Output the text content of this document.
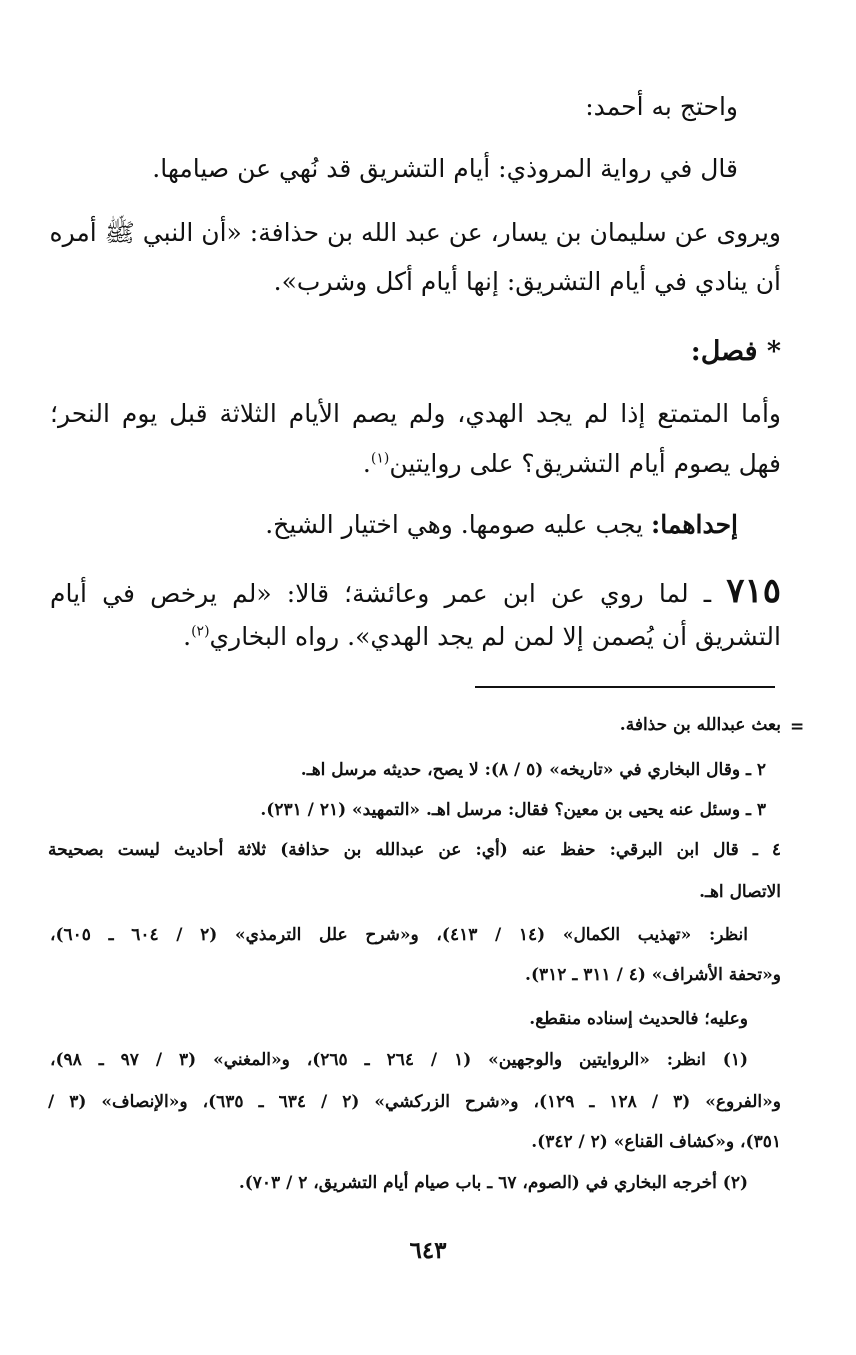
واحتج به أحمد:
قال في رواية المروذي: أيام التشريق قد نُهي عن صيامها.
ويروى عن سليمان بن يسار، عن عبد الله بن حذافة: «أن النبي ﷺ أمره
أن ينادي في أيام التشريق: إنها أيام أكل وشرب».
* فصل:
وأما المتمتع إذا لم يجد الهدي، ولم يصم الأيام الثلاثة قبل يوم النحر؛
فهل يصوم أيام التشريق؟ على روايتين$^{(١)}$.
إحداهما: يجب عليه صومها. وهي اختيار الشيخ.
٧١٥ ـ لما روي عن ابن عمر وعائشة؛ قالا: «لم يرخص في أيام
التشريق أن يُصمن إلا لمن لم يجد الهدي». رواه البخاري$^{(٢)}$.
=
بعث عبدالله بن حذافة.
٢ ـ وقال البخاري في «تاريخه» (٥ / ٨): لا يصح، حديثه مرسل اهـ.
٣ ـ وسئل عنه يحيى بن معين؟ فقال: مرسل اهـ. «التمهيد» (٢١ / ٢٣١).
٤ ـ قال ابن البرقي: حفظ عنه (أي: عن عبدالله بن حذافة) ثلاثة أحاديث ليست بصحيحة
الاتصال اهـ.
انظر: «تهذيب الكمال» (١٤ / ٤١٣)، و«شرح علل الترمذي» (٢ / ٦٠٤ ـ ٦٠٥)،
و«تحفة الأشراف» (٤ / ٣١١ ـ ٣١٢).
وعليه؛ فالحديث إسناده منقطع.
(١) انظر: «الروايتين والوجهين» (١ / ٢٦٤ ـ ٢٦٥)، و«المغني» (٣ / ٩٧ ـ ٩٨)،
و«الفروع» (٣ / ١٢٨ ـ ١٢٩)، و«شرح الزركشي» (٢ / ٦٣٤ ـ ٦٣٥)، و«الإنصاف» (٣ /
٣٥١)، و«كشاف القناع» (٢ / ٣٤٢).
(٢) أخرجه البخاري في (الصوم، ٦٧ ـ باب صيام أيام التشريق، ٢ / ٧٠٣).
٦٤٣
